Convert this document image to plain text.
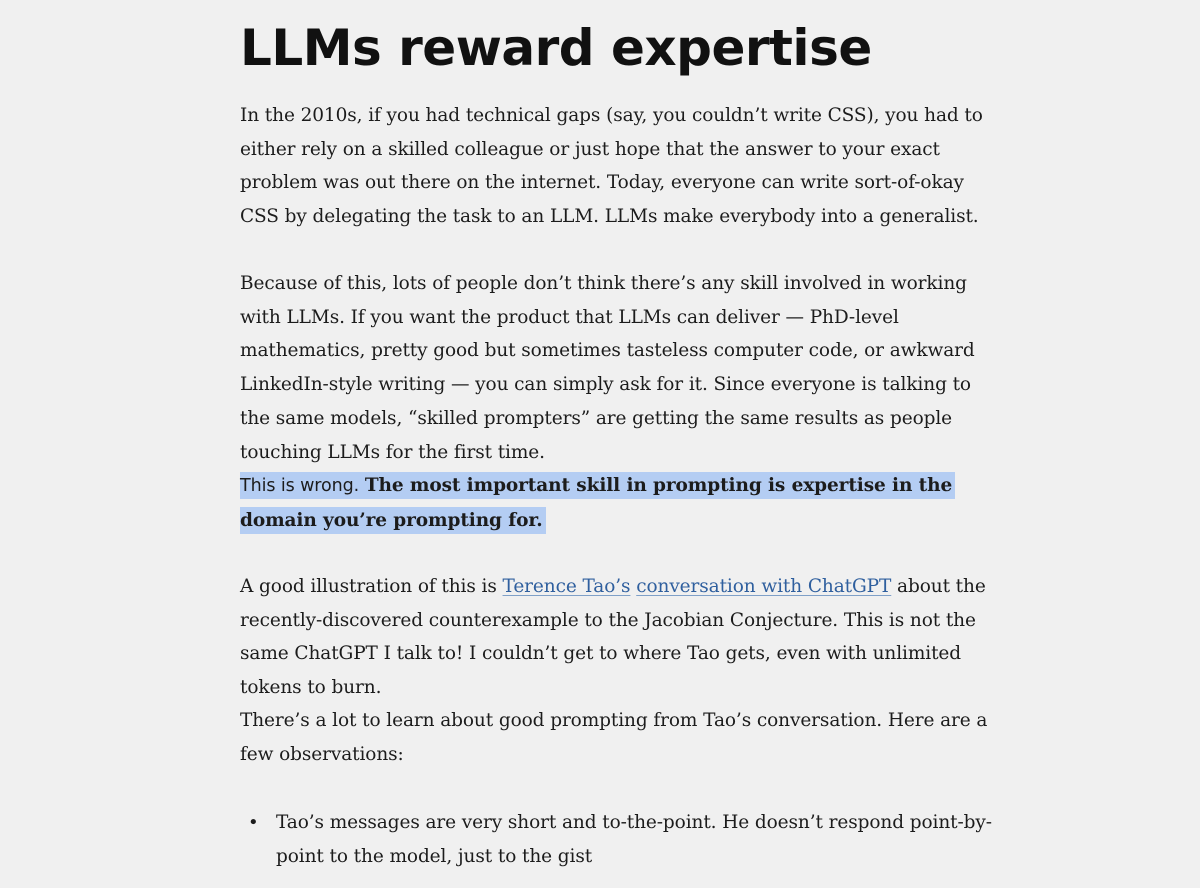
LLMs reward expertise

In the 2010s, if you had technical gaps (say, you couldn’t write CSS), you had to either rely on a skilled colleague or just hope that the answer to your exact problem was out there on the internet. Today, everyone can write sort-of-okay CSS by delegating the task to an LLM. LLMs make everybody into a generalist.

Because of this, lots of people don’t think there’s any skill involved in working with LLMs. If you want the product that LLMs can deliver — PhD-level mathematics, pretty good but sometimes tasteless computer code, or awkward LinkedIn-style writing — you can simply ask for it. Since everyone is talking to the same models, “skilled prompters” are getting the same results as people touching LLMs for the first time.

This is wrong. The most important skill in prompting is expertise in the domain you’re prompting for.

A good illustration of this is Terence Tao’s conversation with ChatGPT about the recently-discovered counterexample to the Jacobian Conjecture. This is not the same ChatGPT I talk to! I couldn’t get to where Tao gets, even with unlimited tokens to burn.

There’s a lot to learn about good prompting from Tao’s conversation. Here are a few observations:

• Tao’s messages are very short and to-the-point. He doesn’t respond point-by-point to the model, just to the gist
